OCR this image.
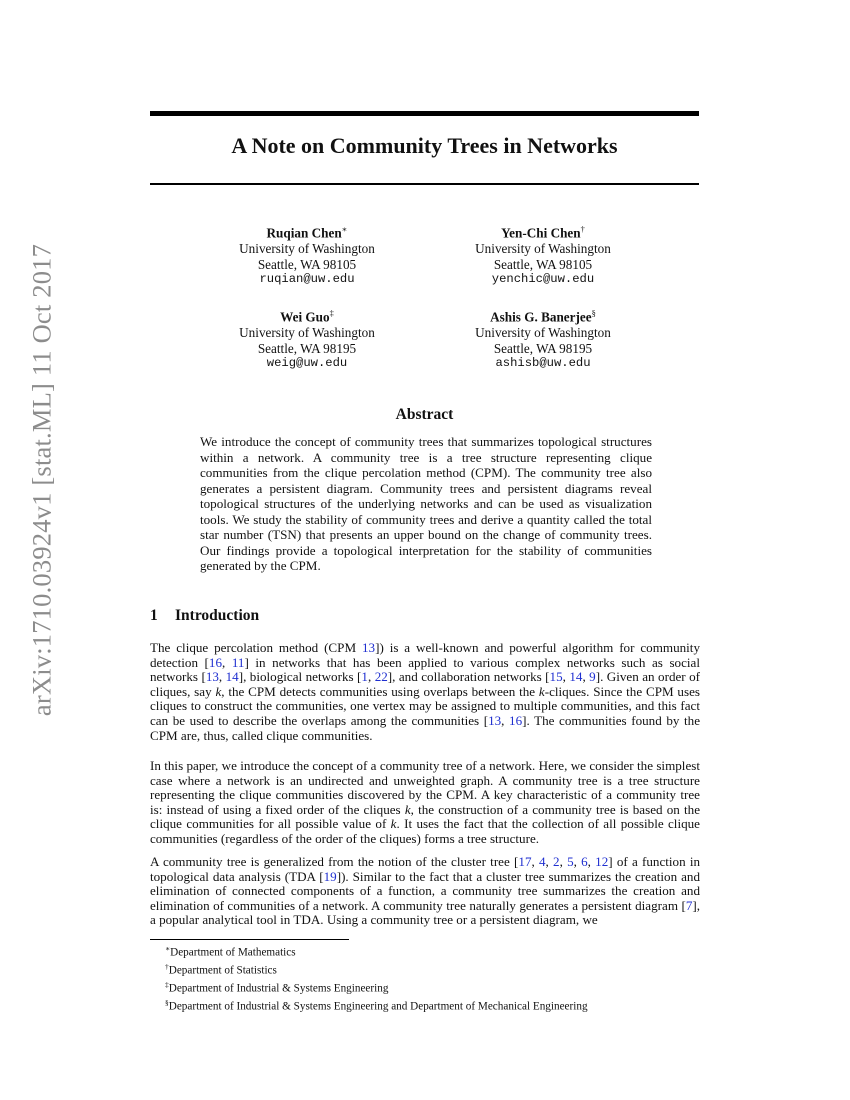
arXiv:1710.03924v1 [stat.ML] 11 Oct 2017
A Note on Community Trees in Networks
Ruqian Chen∗
University of Washington
Seattle, WA 98105
ruqian@uw.edu
Yen-Chi Chen†
University of Washington
Seattle, WA 98105
yenchic@uw.edu
Wei Guo‡
University of Washington
Seattle, WA 98195
weig@uw.edu
Ashis G. Banerjee§
University of Washington
Seattle, WA 98195
ashisb@uw.edu
Abstract

We introduce the concept of community trees that summarizes topological structures within a network. A community tree is a tree structure representing clique communities from the clique percolation method (CPM). The community tree also generates a persistent diagram. Community trees and persistent diagrams reveal topological structures of the underlying networks and can be used as visualization tools. We study the stability of community trees and derive a quantity called the total star number (TSN) that presents an upper bound on the change of community trees. Our findings provide a topological interpretation for the stability of communities generated by the CPM.

1 Introduction

The clique percolation method (CPM 13]) is a well-known and powerful algorithm for community detection [16, 11] in networks that has been applied to various complex networks such as social networks [13, 14], biological networks [1, 22], and collaboration networks [15, 14, 9]. Given an order of cliques, say k, the CPM detects communities using overlaps between the k-cliques. Since the CPM uses cliques to construct the communities, one vertex may be assigned to multiple communities, and this fact can be used to describe the overlaps among the communities [13, 16]. The communities found by the CPM are, thus, called clique communities.

In this paper, we introduce the concept of a community tree of a network. Here, we consider the simplest case where a network is an undirected and unweighted graph. A community tree is a tree structure representing the clique communities discovered by the CPM. A key characteristic of a community tree is: instead of using a fixed order of the cliques k, the construction of a community tree is based on the clique communities for all possible value of k. It uses the fact that the collection of all possible clique communities (regardless of the order of the cliques) forms a tree structure.

A community tree is generalized from the notion of the cluster tree [17, 4, 2, 5, 6, 12] of a function in topological data analysis (TDA [19]). Similar to the fact that a cluster tree summarizes the creation and elimination of connected components of a function, a community tree summarizes the creation and elimination of communities of a network. A community tree naturally generates a persistent diagram [7], a popular analytical tool in TDA. Using a community tree or a persistent diagram, we

∗Department of Mathematics
†Department of Statistics
‡Department of Industrial & Systems Engineering
§Department of Industrial & Systems Engineering and Department of Mechanical Engineering
